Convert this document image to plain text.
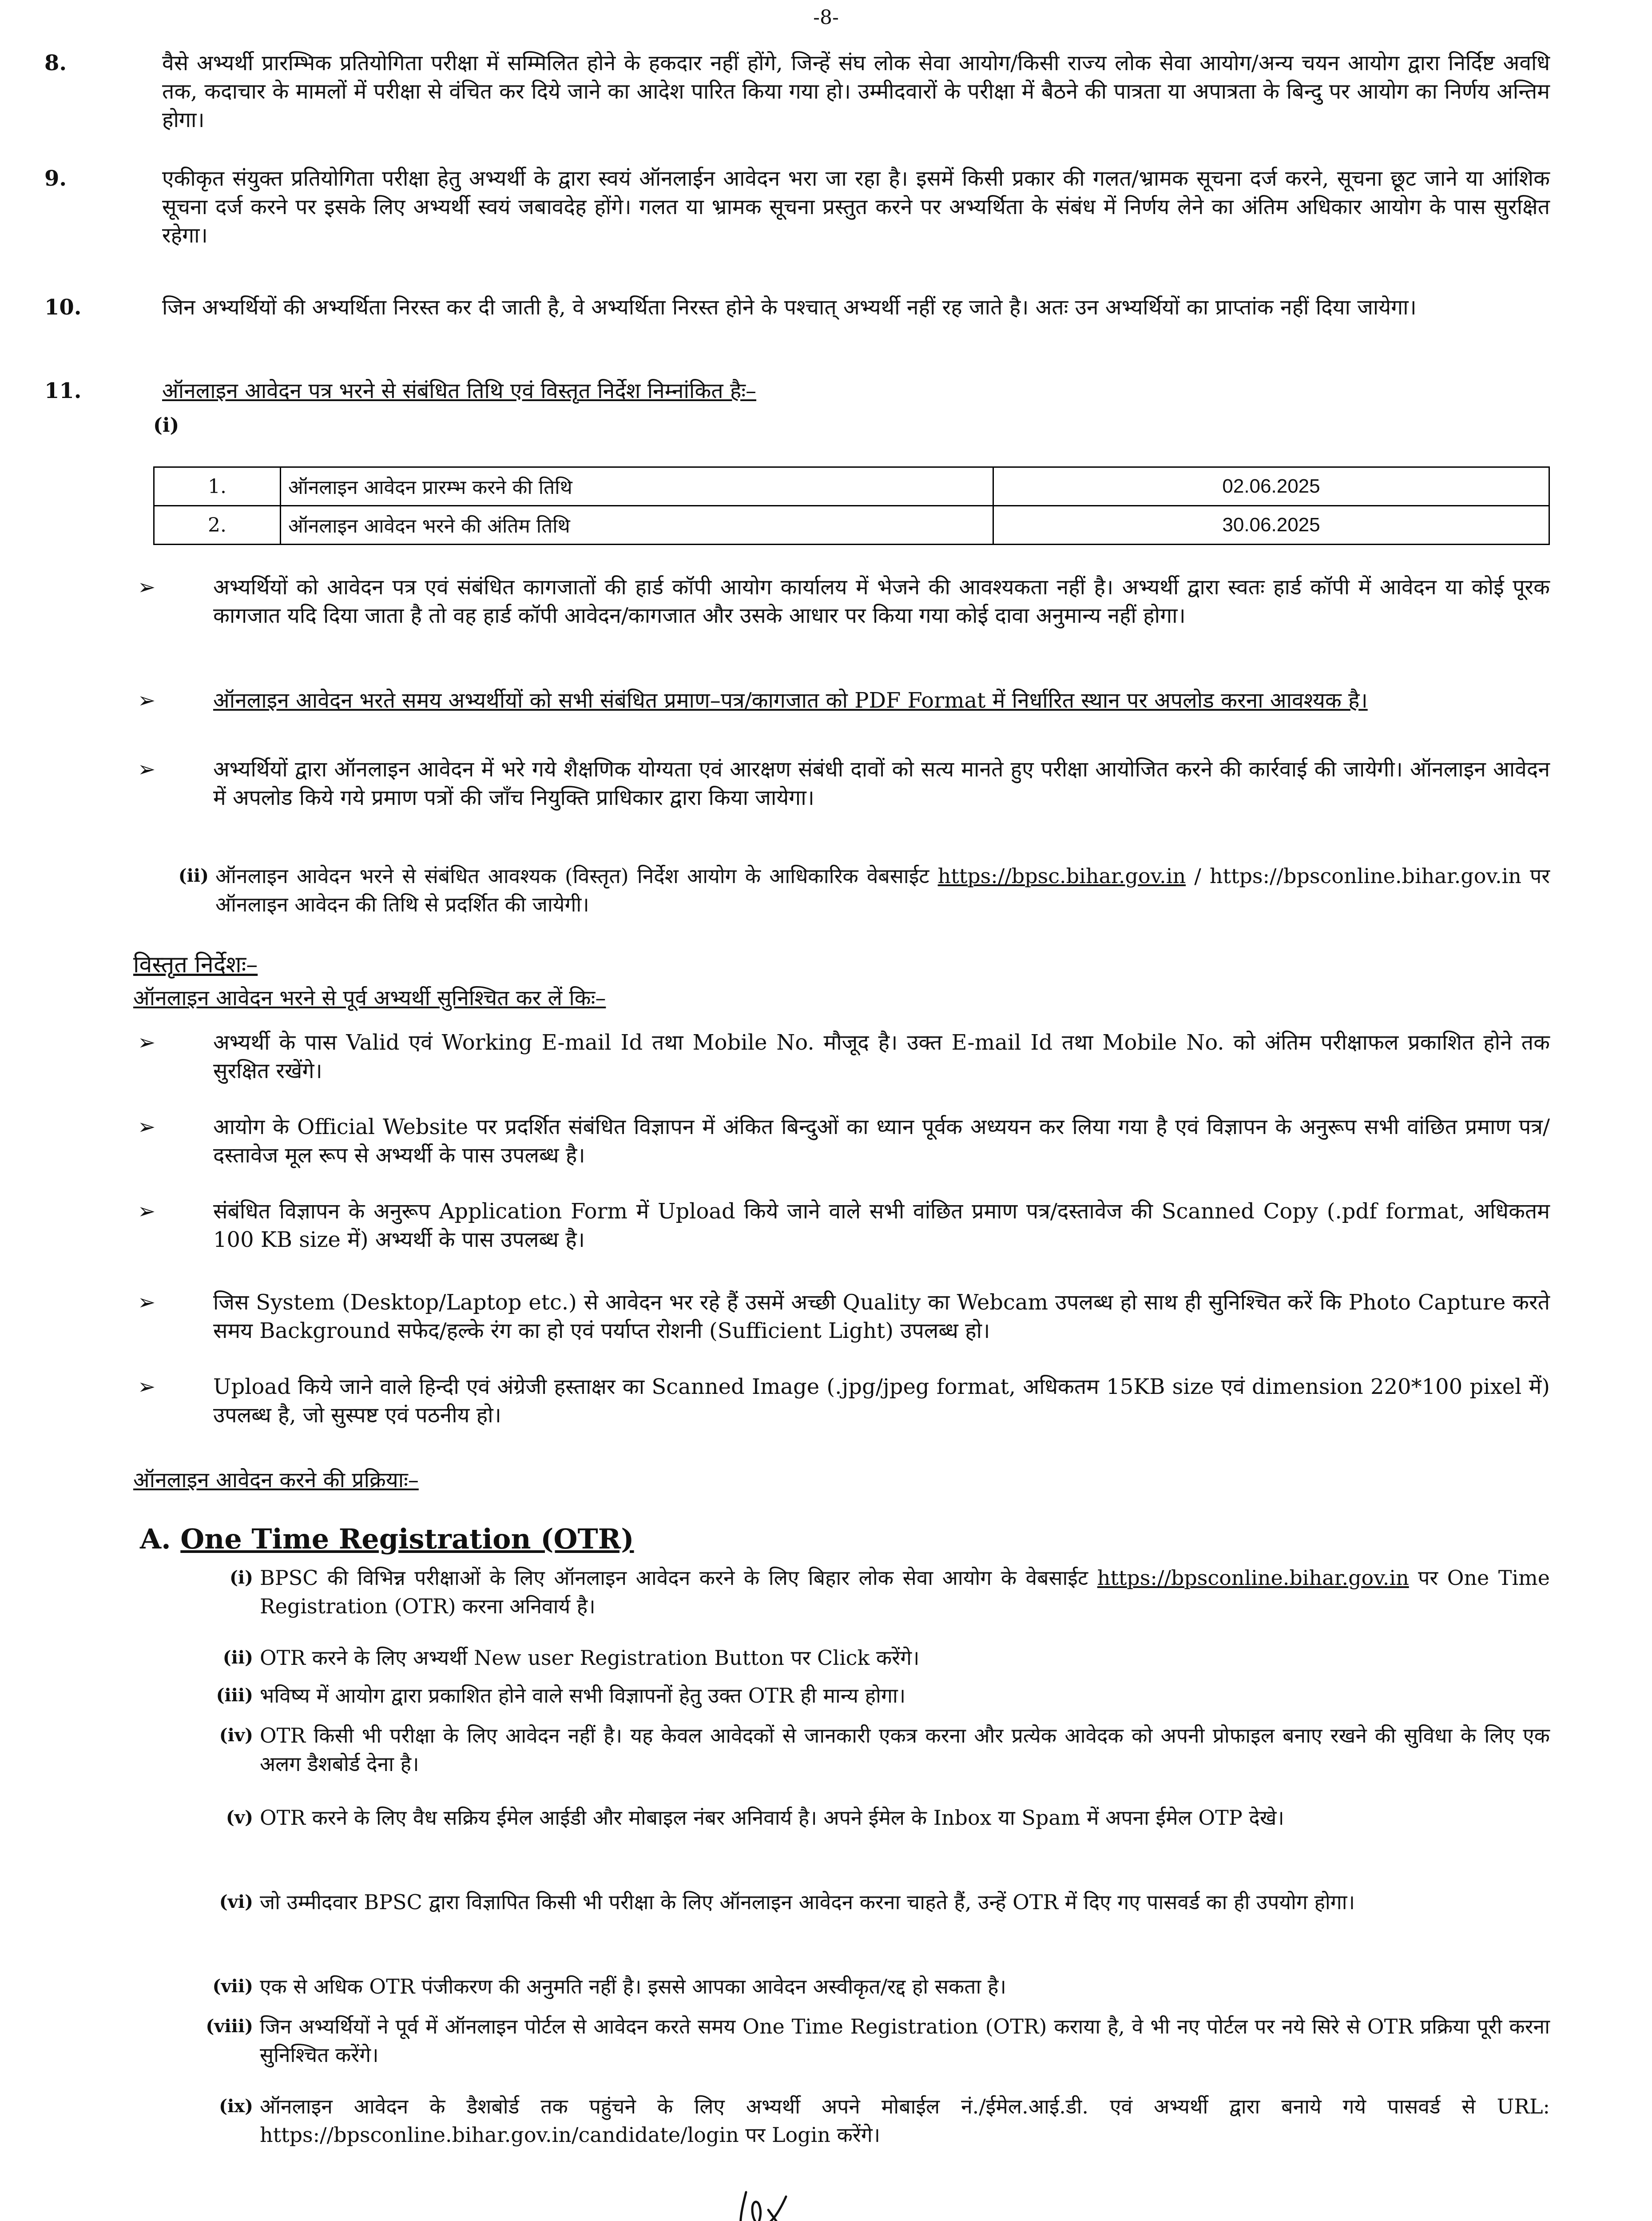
-8-
8.	वैसे अभ्यर्थी प्रारम्भिक प्रतियोगिता परीक्षा में सम्मिलित होने के हकदार नहीं होंगे, जिन्हें संघ लोक सेवा आयोग/किसी राज्य लोक सेवा आयोग/अन्य चयन आयोग द्वारा निर्दिष्ट अवधि तक, कदाचार के मामलों में परीक्षा से वंचित कर दिये जाने का आदेश पारित किया गया हो। उम्मीदवारों के परीक्षा में बैठने की पात्रता या अपात्रता के बिन्दु पर आयोग का निर्णय अन्तिम होगा।
9.	एकीकृत संयुक्त प्रतियोगिता परीक्षा हेतु अभ्यर्थी के द्वारा स्वयं ऑनलाईन आवेदन भरा जा रहा है। इसमें किसी प्रकार की गलत/भ्रामक सूचना दर्ज करने, सूचना छूट जाने या आंशिक सूचना दर्ज करने पर इसके लिए अभ्यर्थी स्वयं जबावदेह होंगे। गलत या भ्रामक सूचना प्रस्तुत करने पर अभ्यर्थिता के संबंध में निर्णय लेने का अंतिम अधिकार आयोग के पास सुरक्षित रहेगा।
10.	जिन अभ्यर्थियों की अभ्यर्थिता निरस्त कर दी जाती है, वे अभ्यर्थिता निरस्त होने के पश्चात् अभ्यर्थी नहीं रह जाते है। अतः उन अभ्यर्थियों का प्राप्तांक नहीं दिया जायेगा।
11.	ऑनलाइन आवेदन पत्र भरने से संबंधित तिथि एवं विस्तृत निर्देश निम्नांकित हैः–
(i)
1.	ऑनलाइन आवेदन प्रारम्भ करने की तिथि	02.06.2025
2.	ऑनलाइन आवेदन भरने की अंतिम तिथि	30.06.2025
➢	अभ्यर्थियों को आवेदन पत्र एवं संबंधित कागजातों की हार्ड कॉपी आयोग कार्यालय में भेजने की आवश्यकता नहीं है। अभ्यर्थी द्वारा स्वतः हार्ड कॉपी में आवेदन या कोई पूरक कागजात यदि दिया जाता है तो वह हार्ड कॉपी आवेदन/कागजात और उसके आधार पर किया गया कोई दावा अनुमान्य नहीं होगा।
➢	ऑनलाइन आवेदन भरते समय अभ्यर्थीयों को सभी संबंधित प्रमाण–पत्र/कागजात को PDF Format में निर्धारित स्थान पर अपलोड करना आवश्यक है।
➢	अभ्यर्थियों द्वारा ऑनलाइन आवेदन में भरे गये शैक्षणिक योग्यता एवं आरक्षण संबंधी दावों को सत्य मानते हुए परीक्षा आयोजित करने की कार्रवाई की जायेगी। ऑनलाइन आवेदन में अपलोड किये गये प्रमाण पत्रों की जाँच नियुक्ति प्राधिकार द्वारा किया जायेगा।
(ii) ऑनलाइन आवेदन भरने से संबंधित आवश्यक (विस्तृत) निर्देश आयोग के आधिकारिक वेबसाईट https://bpsc.bihar.gov.in / https://bpsconline.bihar.gov.in पर ऑनलाइन आवेदन की तिथि से प्रदर्शित की जायेगी।
विस्तृत निर्देशः–
ऑनलाइन आवेदन भरने से पूर्व अभ्यर्थी सुनिश्चित कर लें किः–
➢	अभ्यर्थी के पास Valid एवं Working E-mail Id तथा Mobile No. मौजूद है। उक्त E-mail Id तथा Mobile No. को अंतिम परीक्षाफल प्रकाशित होने तक सुरक्षित रखेंगे।
➢	आयोग के Official Website पर प्रदर्शित संबंधित विज्ञापन में अंकित बिन्दुओं का ध्यान पूर्वक अध्ययन कर लिया गया है एवं विज्ञापन के अनुरूप सभी वांछित प्रमाण पत्र/दस्तावेज मूल रूप से अभ्यर्थी के पास उपलब्ध है।
➢	संबंधित विज्ञापन के अनुरूप Application Form में Upload किये जाने वाले सभी वांछित प्रमाण पत्र/दस्तावेज की Scanned Copy (.pdf format, अधिकतम 100 KB size में) अभ्यर्थी के पास उपलब्ध है।
➢	जिस System (Desktop/Laptop etc.) से आवेदन भर रहे हैं उसमें अच्छी Quality का Webcam उपलब्ध हो साथ ही सुनिश्चित करें कि Photo Capture करते समय Background सफेद/हल्के रंग का हो एवं पर्याप्त रोशनी (Sufficient Light) उपलब्ध हो।
➢	Upload किये जाने वाले हिन्दी एवं अंग्रेजी हस्ताक्षर का Scanned Image (.jpg/jpeg format, अधिकतम 15KB size एवं dimension 220*100 pixel में) उपलब्ध है, जो सुस्पष्ट एवं पठनीय हो।
ऑनलाइन आवेदन करने की प्रक्रियाः–
A. One Time Registration (OTR)
(i) BPSC की विभिन्न परीक्षाओं के लिए ऑनलाइन आवेदन करने के लिए बिहार लोक सेवा आयोग के वेबसाईट https://bpsconline.bihar.gov.in पर One Time Registration (OTR) करना अनिवार्य है।
(ii) OTR करने के लिए अभ्यर्थी New user Registration Button पर Click करेंगे।
(iii) भविष्य में आयोग द्वारा प्रकाशित होने वाले सभी विज्ञापनों हेतु उक्त OTR ही मान्य होगा।
(iv) OTR किसी भी परीक्षा के लिए आवेदन नहीं है। यह केवल आवेदकों से जानकारी एकत्र करना और प्रत्येक आवेदक को अपनी प्रोफाइल बनाए रखने की सुविधा के लिए एक अलग डैशबोर्ड देना है।
(v) OTR करने के लिए वैध सक्रिय ईमेल आईडी और मोबाइल नंबर अनिवार्य है। अपने ईमेल के Inbox या Spam में अपना ईमेल OTP देखे।
(vi) जो उम्मीदवार BPSC द्वारा विज्ञापित किसी भी परीक्षा के लिए ऑनलाइन आवेदन करना चाहते हैं, उन्हें OTR में दिए गए पासवर्ड का ही उपयोग होगा।
(vii) एक से अधिक OTR पंजीकरण की अनुमति नहीं है। इससे आपका आवेदन अस्वीकृत/रद्द हो सकता है।
(viii) जिन अभ्यर्थियों ने पूर्व में ऑनलाइन पोर्टल से आवेदन करते समय One Time Registration (OTR) कराया है, वे भी नए पोर्टल पर नये सिरे से OTR प्रक्रिया पूरी करना सुनिश्चित करेंगे।
(ix) ऑनलाइन आवेदन के डैशबोर्ड तक पहुंचने के लिए अभ्यर्थी अपने मोबाईल नं./ईमेल.आई.डी. एवं अभ्यर्थी द्वारा बनाये गये पासवर्ड से URL: https://bpsconline.bihar.gov.in/candidate/login पर Login करेंगे।
